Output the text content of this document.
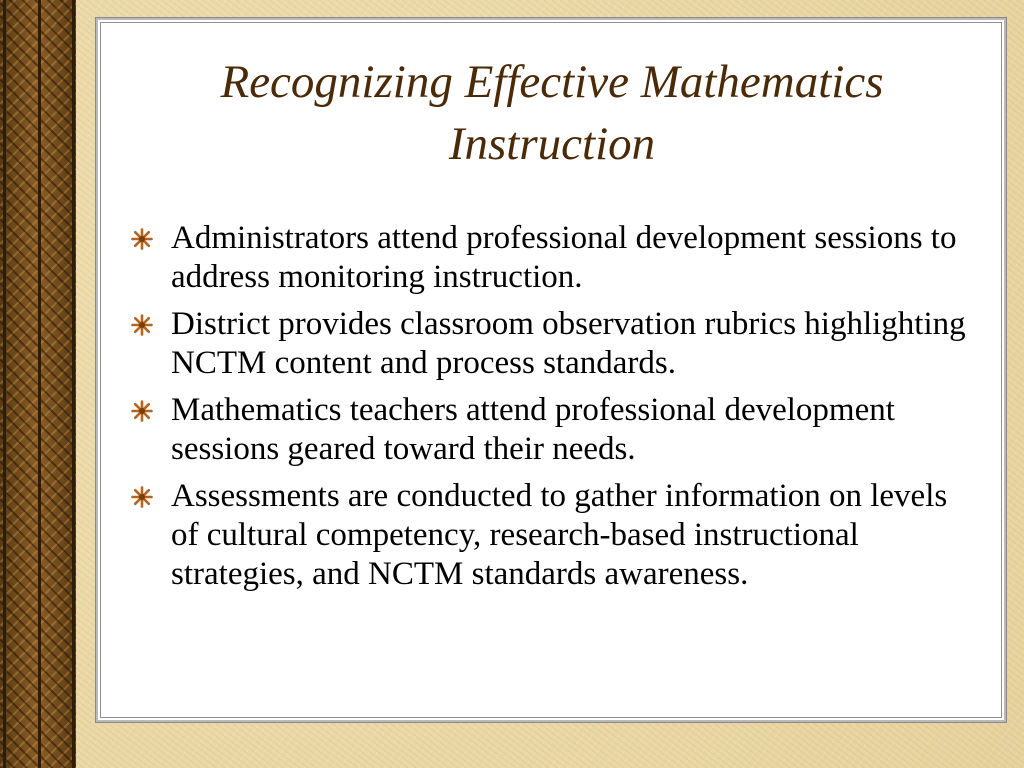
Recognizing Effective Mathematics
Instruction
Administrators attend professional development sessions to address monitoring instruction.
District provides classroom observation rubrics highlighting NCTM content and process standards.
Mathematics teachers attend professional development sessions geared toward their needs.
Assessments are conducted to gather information on levels of cultural competency, research-based instructional strategies, and NCTM standards awareness.
